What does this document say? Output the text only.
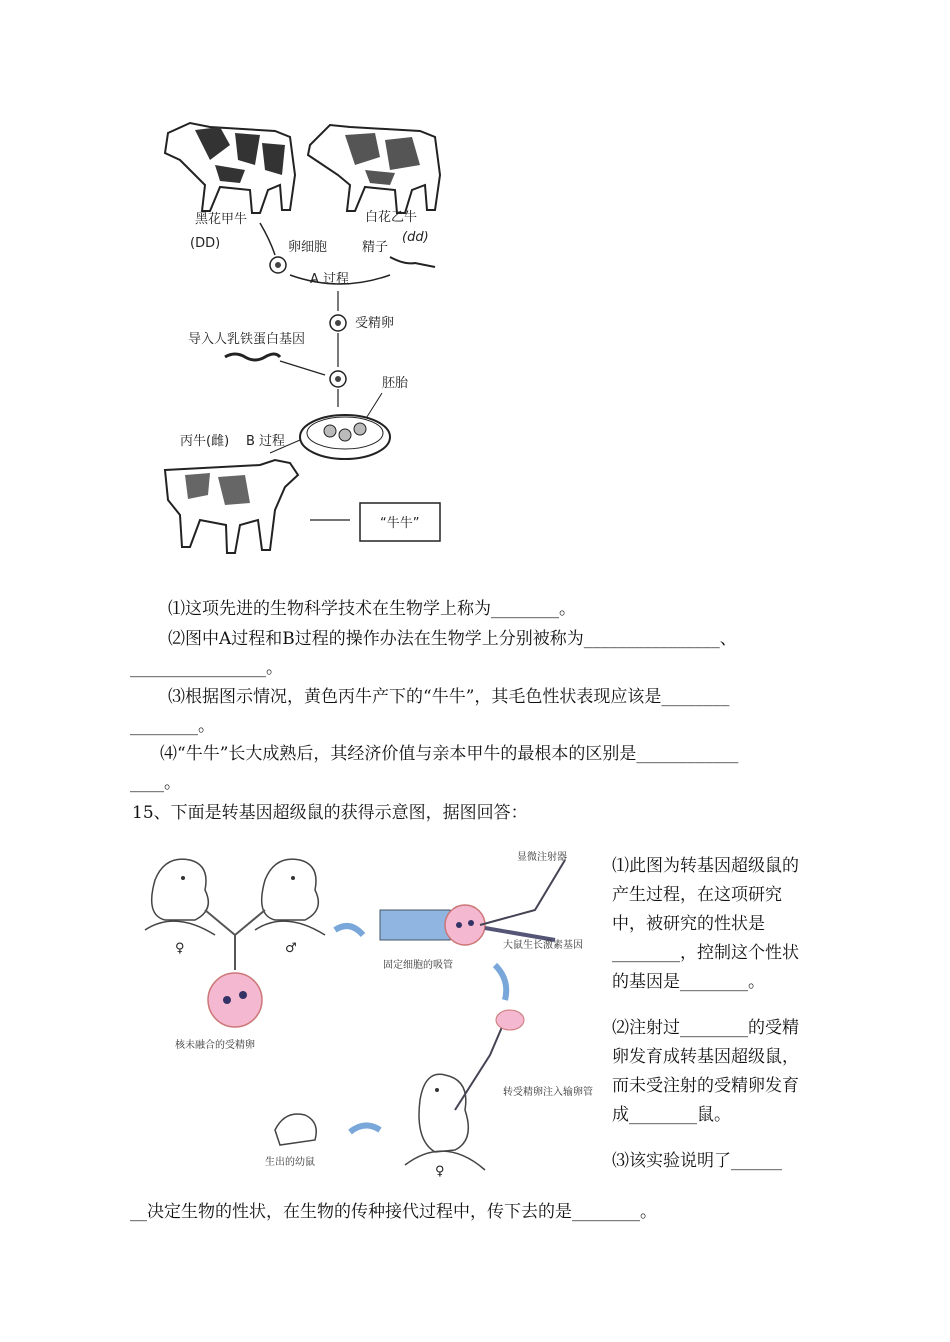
黑花甲牛
(DD)
白花乙牛
(dd)
卵细胞	精子
A 过程
受精卵
导入人乳铁蛋白基因
胚胎
丙牛(雌) B 过程
“牛牛”
⑴这项先进的生物科学技术在生物学上称为________。
⑵图中A过程和B过程的操作办法在生物学上分别被称为________________、
________________。
⑶根据图示情况，黄色丙牛产下的“牛牛”，其毛色性状表现应该是________
________。
⑷“牛牛”长大成熟后，其经济价值与亲本甲牛的最根本的区别是____________
____。
15、下面是转基因超级鼠的获得示意图，据图回答：
♀	♂
核未融合的受精卵
显微注射器
固定细胞的吸管
大鼠生长激素基因
转受精卵注入输卵管
♀
生出的幼鼠

⑴此图为转基因超级鼠的产生过程，在这项研究中，被研究的性状是________，控制这个性状的基因是________。

⑵注射过________的受精卵发育成转基因超级鼠，而未受注射的受精卵发育成________鼠。

⑶该实验说明了______

__决定生物的性状，在生物的传种接代过程中，传下去的是________。
